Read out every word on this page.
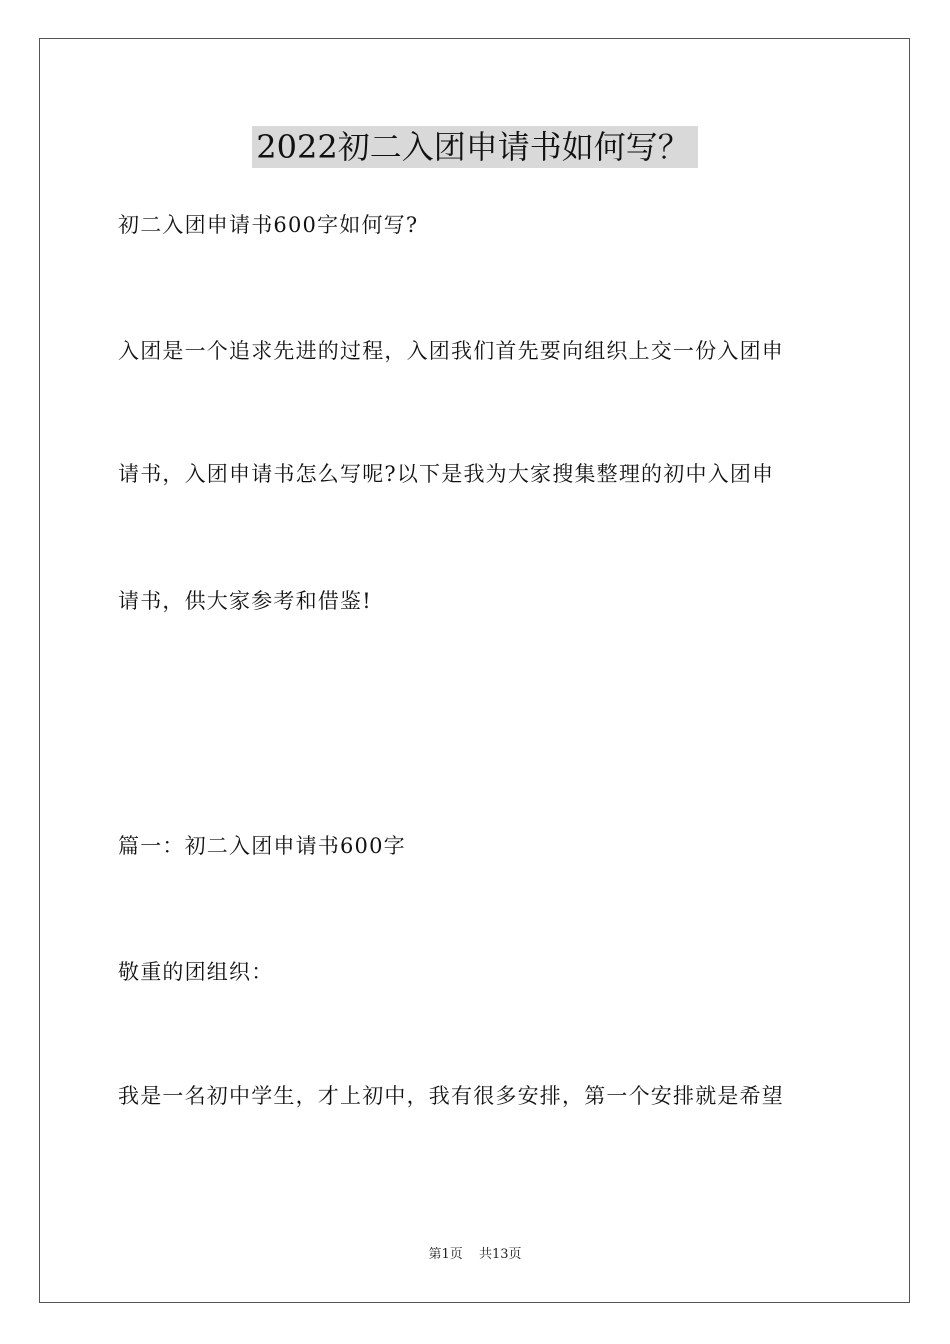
2022初二入团申请书如何写？
初二入团申请书600字如何写?
入团是一个追求先进的过程，入团我们首先要向组织上交一份入团申
请书，入团申请书怎么写呢?以下是我为大家搜集整理的初中入团申
请书，供大家参考和借鉴!
篇一：初二入团申请书600字
敬重的团组织：
我是一名初中学生，才上初中，我有很多安排，第一个安排就是希望
第1页 共13页
